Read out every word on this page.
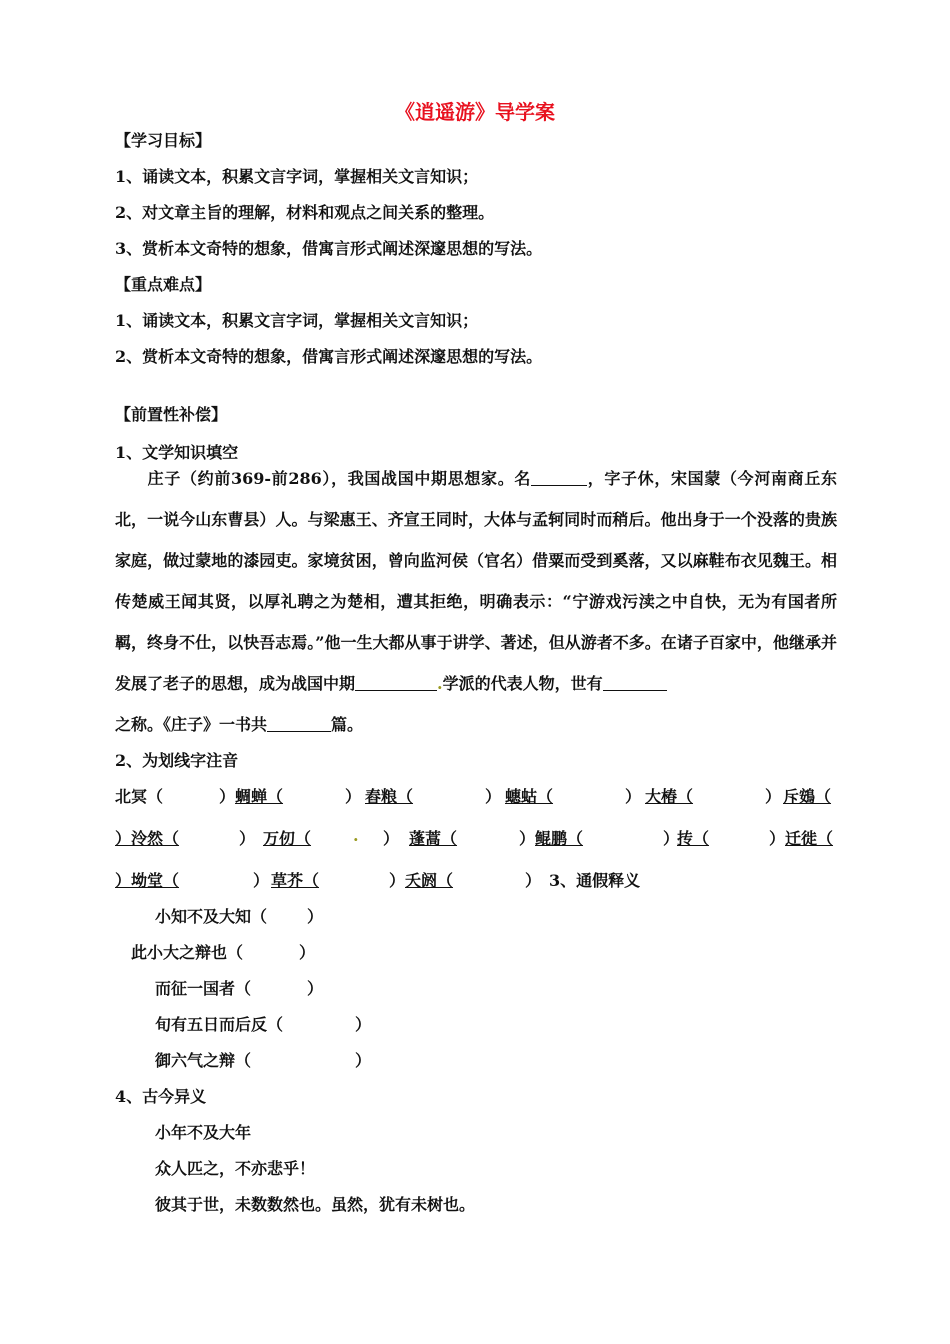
《逍遥游》导学案
【学习目标】
1、诵读文本，积累文言字词，掌握相关文言知识；
2、对文章主旨的理解，材料和观点之间关系的整理。
3、赏析本文奇特的想象，借寓言形式阐述深邃思想的写法。
【重点难点】
1、诵读文本，积累文言字词，掌握相关文言知识；
2、赏析本文奇特的想象，借寓言形式阐述深邃思想的写法。
【前置性补偿】
1、文学知识填空

庄子（约前369-前286），我国战国中期思想家。名	，字子休，宋国蒙（今河南商丘东北，一说今山东曹县）人。与梁惠王、齐宣王同时，大体与孟轲同时而稍后。他出身于一个没落的贵族家庭，做过蒙地的漆园吏。家境贫困，曾向监河侯（官名）借粟而受到奚落，又以麻鞋布衣见魏王。相传楚威王闻其贤，以厚礼聘之为楚相，遭其拒绝，明确表示：“宁游戏污渎之中自快，无为有国者所羁，终身不仕，以快吾志焉。”他一生大都从事于讲学、著述，但从游者不多。在诸子百家中，他继承并发展了老子的思想，成为战国中期	.学派的代表人物，世有
之称。《庄子》一书共	篇。

2、为划线字注音
北冥（	） 蜩蝉（	） 舂粮（	） 蟪蛄（	） 大椿（	） 斥鴳（
）泠然（	） 万仞（	. ） 蓬蒿（	） 鲲鹏（	）
抟（	） 迁徙（
）坳堂（	） 草芥（	） 夭阏（	） 3、通假释义
小知不及大知（	）
此小大之辩也（	）
而征一国者（	）
旬有五日而后反（	）
御六气之辩（	）
4、古今异义
小年不及大年
众人匹之，不亦悲乎！
彼其于世，未数数然也。虽然，犹有未树也。
